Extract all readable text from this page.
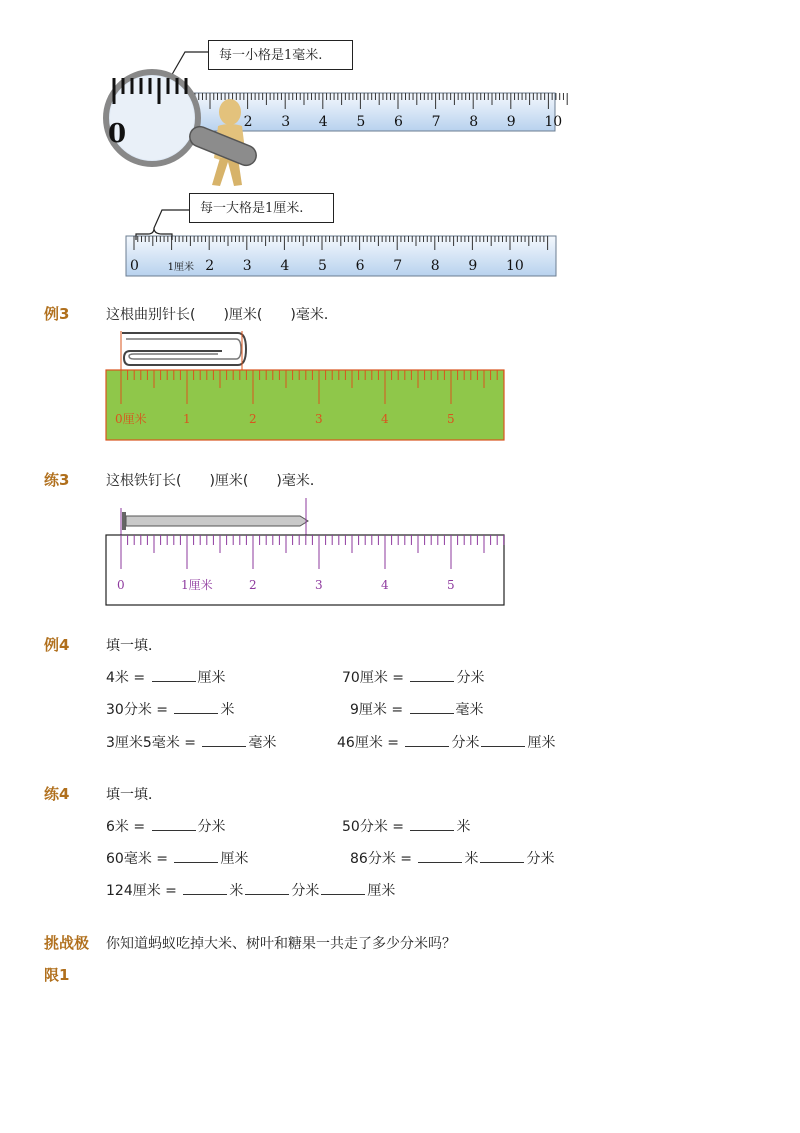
2 3 4 5 6 7 8 9 10
0
0	1厘米 2 3 4 5 6 7 8 9 10
每一小格是1毫米.
每一大格是1厘米.
例3	这根曲别针长(　　)厘米(　　)毫米．
0厘米	1	2	3	4	5
练3	这根铁钉长(　　)厘米(　　)毫米．
0	1厘米	2	3	4	5
例4	填一填．
4米 =	厘米	70厘米 =	分米
30分米 =	米	9厘米 =	毫米
3厘米5毫米 =	毫米	46厘米 =	分米	厘米
练4	填一填．
6米 =	分米	50分米 =	米
60毫米 =	厘米	86分米 =	米	分米
124厘米 =	米	分米	厘米
挑战极
限1
你知道蚂蚁吃掉大米、树叶和糖果一共走了多少分米吗？
